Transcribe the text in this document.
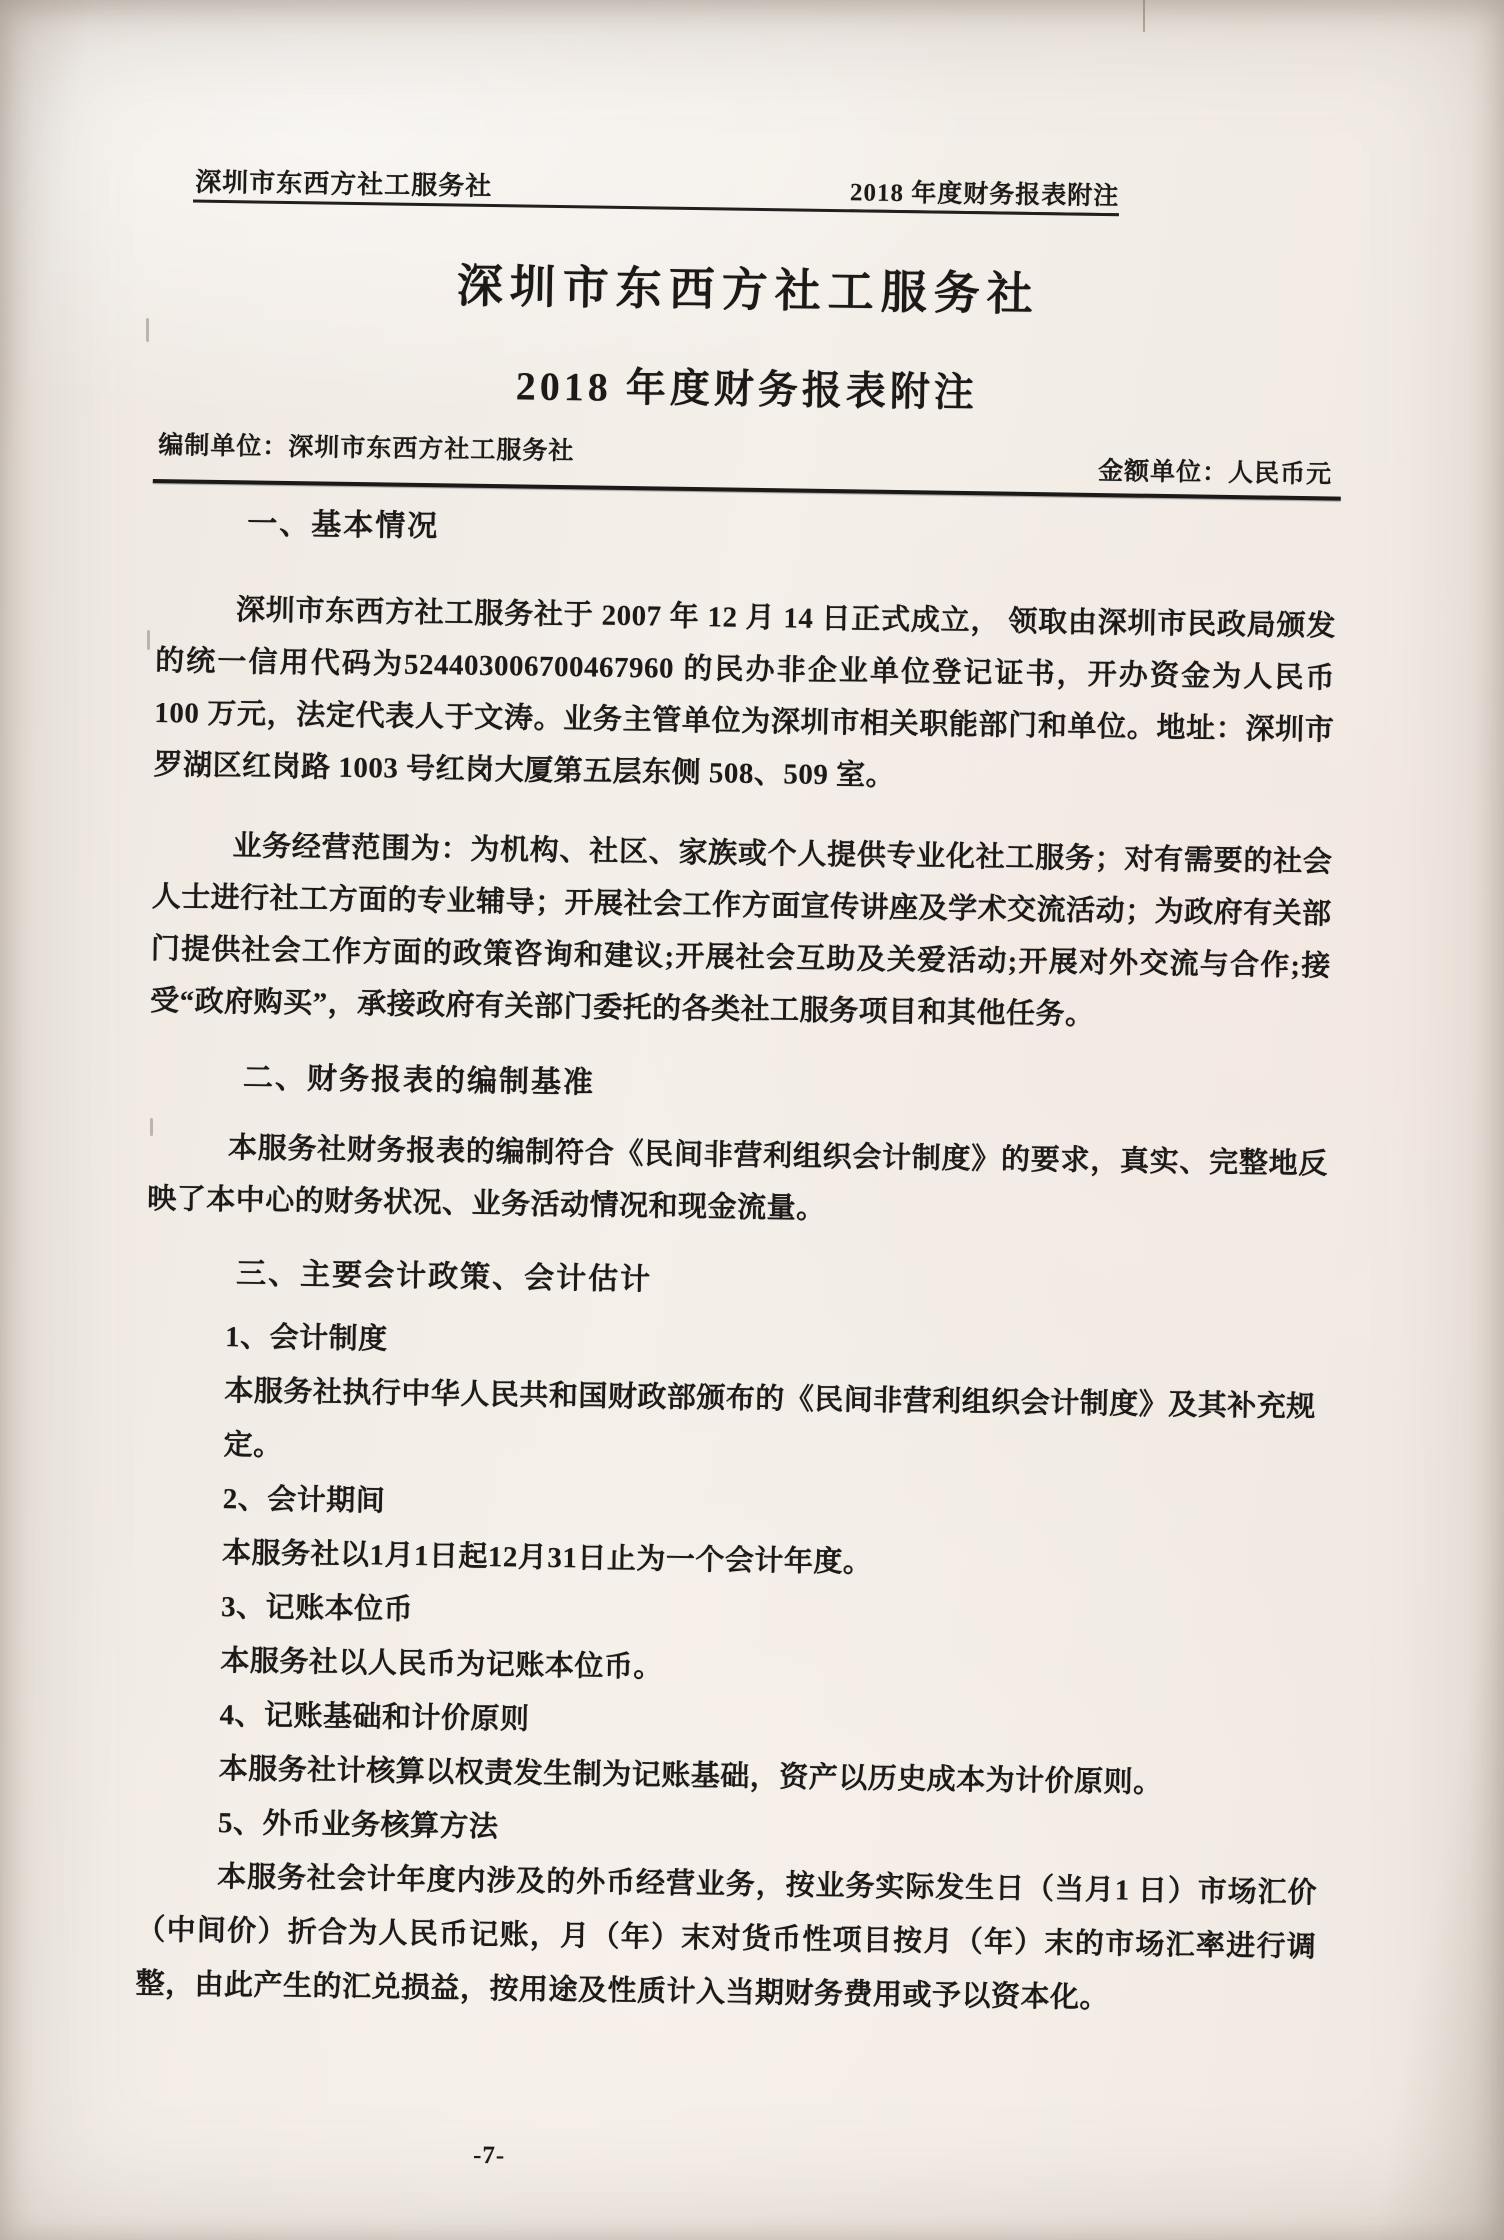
深圳市东西方社工服务社	2018 年度财务报表附注
深圳市东西方社工服务社
2018 年度财务报表附注
编制单位：深圳市东西方社工服务社
金额单位：人民币元
一、基本情况

深圳市东西方社工服务社于 2007 年 12 月 14 日正式成立， 领取由深圳市民政局颁发的统一信用代码为524403006700467960 的民办非企业单位登记证书，开办资金为人民币 100 万元，法定代表人于文涛。业务主管单位为深圳市相关职能部门和单位。地址：深圳市罗湖区红岗路 1003 号红岗大厦第五层东侧 508、509 室。

业务经营范围为：为机构、社区、家族或个人提供专业化社工服务；对有需要的社会人士进行社工方面的专业辅导；开展社会工作方面宣传讲座及学术交流活动；为政府有关部门提供社会工作方面的政策咨询和建议;开展社会互助及关爱活动;开展对外交流与合作;接受“政府购买”，承接政府有关部门委托的各类社工服务项目和其他任务。

二、财务报表的编制基准

本服务社财务报表的编制符合《民间非营利组织会计制度》的要求，真实、完整地反映了本中心的财务状况、业务活动情况和现金流量。

三、主要会计政策、会计估计
1、会计制度
本服务社执行中华人民共和国财政部颁布的《民间非营利组织会计制度》及其补充规定。
2、会计期间
本服务社以1月1日起12月31日止为一个会计年度。
3、记账本位币
本服务社以人民币为记账本位币。
4、记账基础和计价原则
本服务社计核算以权责发生制为记账基础，资产以历史成本为计价原则。
5、外币业务核算方法

本服务社会计年度内涉及的外币经营业务，按业务实际发生日（当月1 日）市场汇价（中间价）折合为人民币记账，月（年）末对货币性项目按月（年）末的市场汇率进行调整，由此产生的汇兑损益，按用途及性质计入当期财务费用或予以资本化。

-7-
